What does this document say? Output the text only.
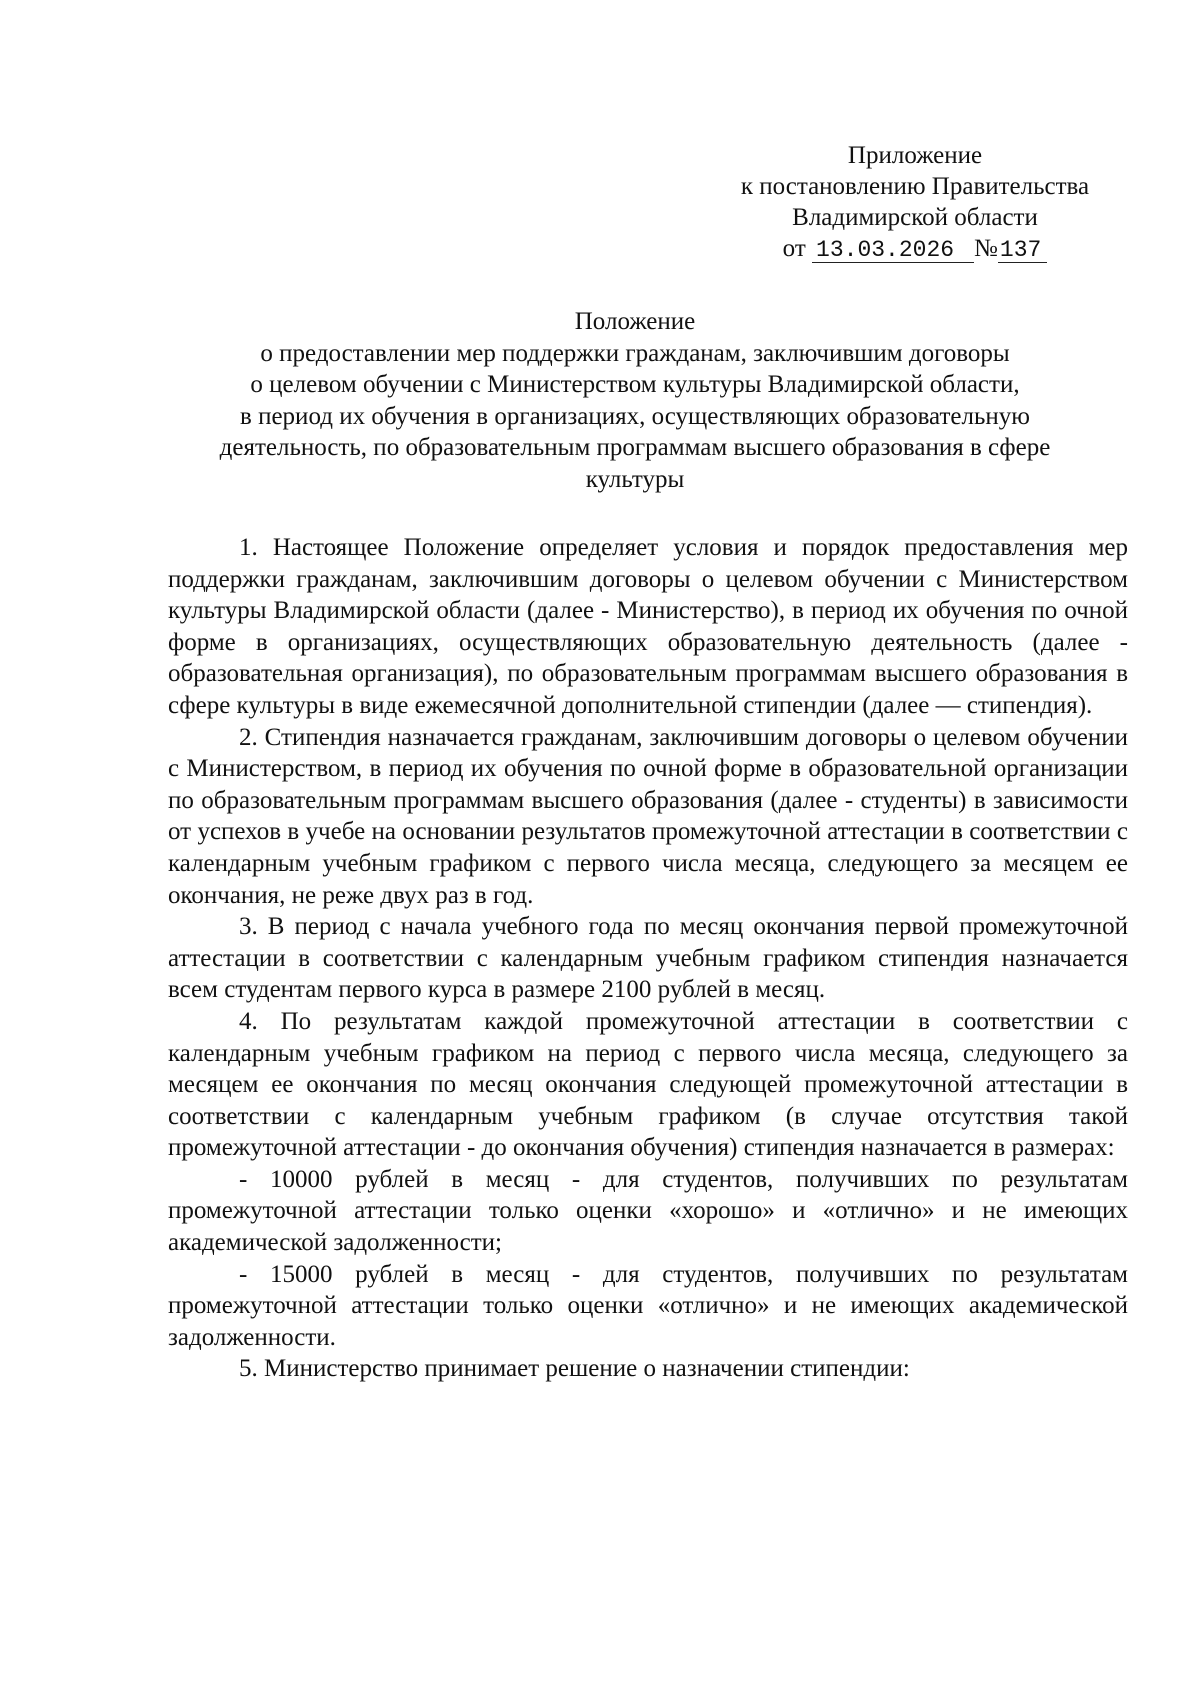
Приложение
к постановлению Правительства
Владимирской области
от 13.03.2026 №137
Положение
о предоставлении мер поддержки гражданам, заключившим договоры
о целевом обучении с Министерством культуры Владимирской области,
в период их обучения в организациях, осуществляющих образовательную
деятельность, по образовательным программам высшего образования в сфере
культуры

1. Настоящее Положение определяет условия и порядок предоставления мер поддержки гражданам, заключившим договоры о целевом обучении с Министерством культуры Владимирской области (далее - Министерство), в период их обучения по очной форме в организациях, осуществляющих образовательную деятельность (далее - образовательная организация), по образовательным программам высшего образования в сфере культуры в виде ежемесячной дополнительной стипендии (далее — стипендия).

2. Стипендия назначается гражданам, заключившим договоры о целевом обучении с Министерством, в период их обучения по очной форме в образовательной организации по образовательным программам высшего образования (далее - студенты) в зависимости от успехов в учебе на основании результатов промежуточной аттестации в соответствии с календарным учебным графиком с первого числа месяца, следующего за месяцем ее окончания, не реже двух раз в год.

3. В период с начала учебного года по месяц окончания первой промежуточной аттестации в соответствии с календарным учебным графиком стипендия назначается всем студентам первого курса в размере 2100 рублей в месяц.

4. По результатам каждой промежуточной аттестации в соответствии с календарным учебным графиком на период с первого числа месяца, следующего за месяцем ее окончания по месяц окончания следующей промежуточной аттестации в соответствии с календарным учебным графиком (в случае отсутствия такой промежуточной аттестации - до окончания обучения) стипендия назначается в размерах:

- 10000 рублей в месяц - для студентов, получивших по результатам промежуточной аттестации только оценки «хорошо» и «отлично» и не имеющих академической задолженности;

- 15000 рублей в месяц - для студентов, получивших по результатам промежуточной аттестации только оценки «отлично» и не имеющих академической задолженности.

5. Министерство принимает решение о назначении стипендии:
